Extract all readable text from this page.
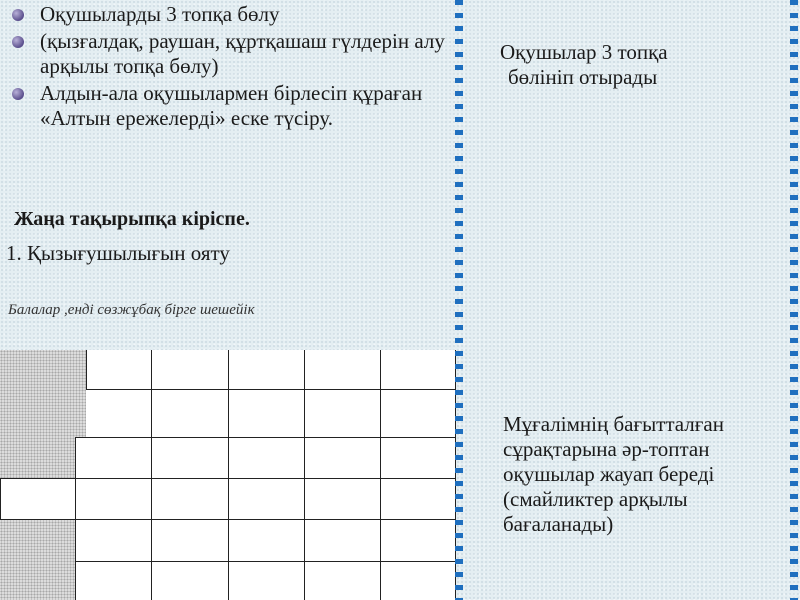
Оқушыларды 3 топқа бөлу
(қызғалдақ, раушан, құртқашаш гүлдерін алу арқылы топқа бөлу)
Алдын-ала оқушылармен бірлесіп құраған «Алтын ережелерді» еске түсіру.
Жаңа тақырыпқа кіріспе.
1. Қызығушылығын ояту
Балалар ,енді сөзжұбақ бірге шешейік
Оқушылар 3 топқа
бөлініп отырады
Мұғалімнің бағытталған сұрақтарына әр-топтан оқушылар жауап береді (смайликтер арқылы бағаланады)
